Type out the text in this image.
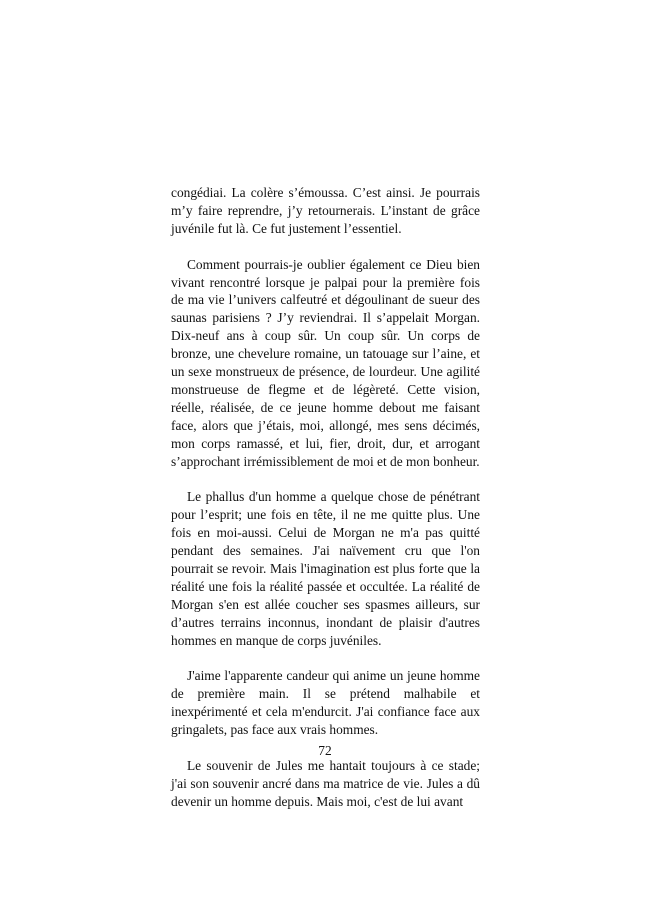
congédiai. La colère s’émoussa. C’est ainsi. Je pourrais m’y faire reprendre, j’y retournerais. L’instant de grâce juvénile fut là. Ce fut justement l’essentiel.

Comment pourrais-je oublier également ce Dieu bien vivant rencontré lorsque je palpai pour la première fois de ma vie l’univers calfeutré et dégoulinant de sueur des saunas parisiens ? J’y reviendrai. Il s’appelait Morgan. Dix-neuf ans à coup sûr. Un coup sûr. Un corps de bronze, une chevelure romaine, un tatouage sur l’aine, et un sexe monstrueux de présence, de lourdeur. Une agilité monstrueuse de flegme et de légèreté. Cette vision, réelle, réalisée, de ce jeune homme debout me faisant face, alors que j’étais, moi, allongé, mes sens décimés, mon corps ramassé, et lui, fier, droit, dur, et arrogant s’approchant irrémissiblement de moi et de mon bonheur.

Le phallus d'un homme a quelque chose de pénétrant pour l’esprit; une fois en tête, il ne me quitte plus. Une fois en moi-aussi. Celui de Morgan ne m'a pas quitté pendant des semaines. J'ai naïvement cru que l'on pourrait se revoir. Mais l'imagination est plus forte que la réalité une fois la réalité passée et occultée. La réalité de Morgan s'en est allée coucher ses spasmes ailleurs, sur d’autres terrains inconnus, inondant de plaisir d'autres hommes en manque de corps juvéniles.

J'aime l'apparente candeur qui anime un jeune homme de première main. Il se prétend malhabile et inexpérimenté et cela m'endurcit. J'ai confiance face aux gringalets, pas face aux vrais hommes.

Le souvenir de Jules me hantait toujours à ce stade; j'ai son souvenir ancré dans ma matrice de vie. Jules a dû devenir un homme depuis. Mais moi, c'est de lui avant

72
